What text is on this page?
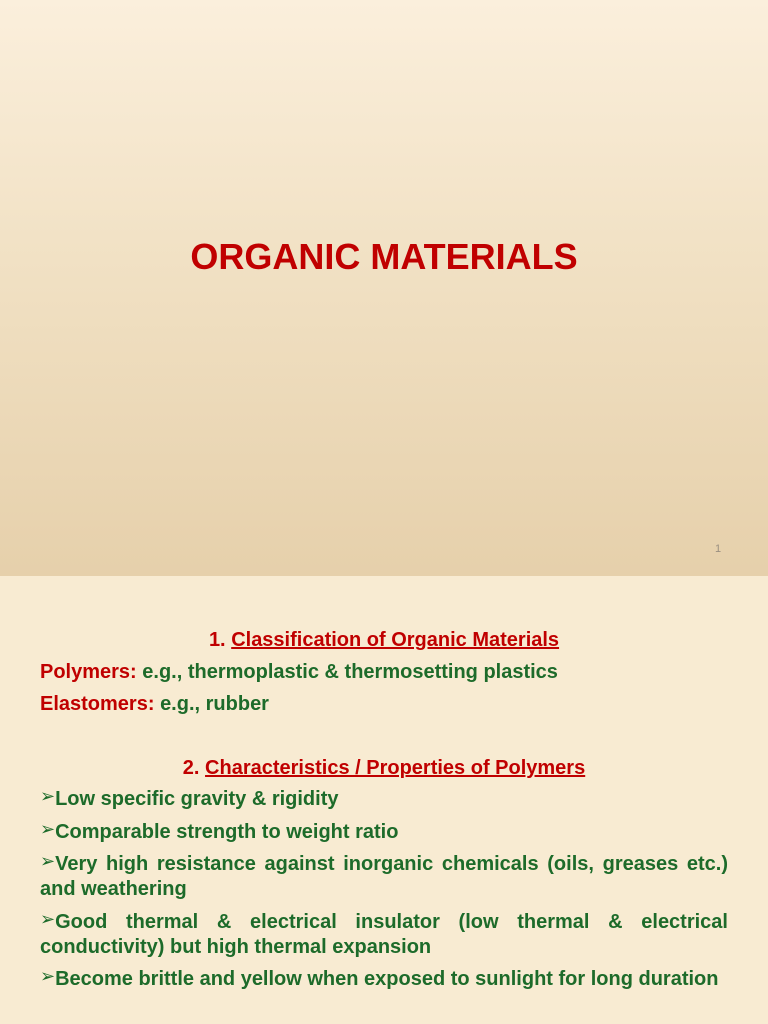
ORGANIC MATERIALS
1
1. Classification of Organic Materials
Polymers: e.g., thermoplastic & thermosetting plastics
Elastomers: e.g., rubber
2. Characteristics / Properties of Polymers
➢Low specific gravity & rigidity
➢Comparable strength to weight ratio
➢Very high resistance against inorganic chemicals (oils, greases etc.) and weathering
➢Good thermal & electrical insulator (low thermal & electrical conductivity) but high thermal expansion
➢Become brittle and yellow when exposed to sunlight for long duration
